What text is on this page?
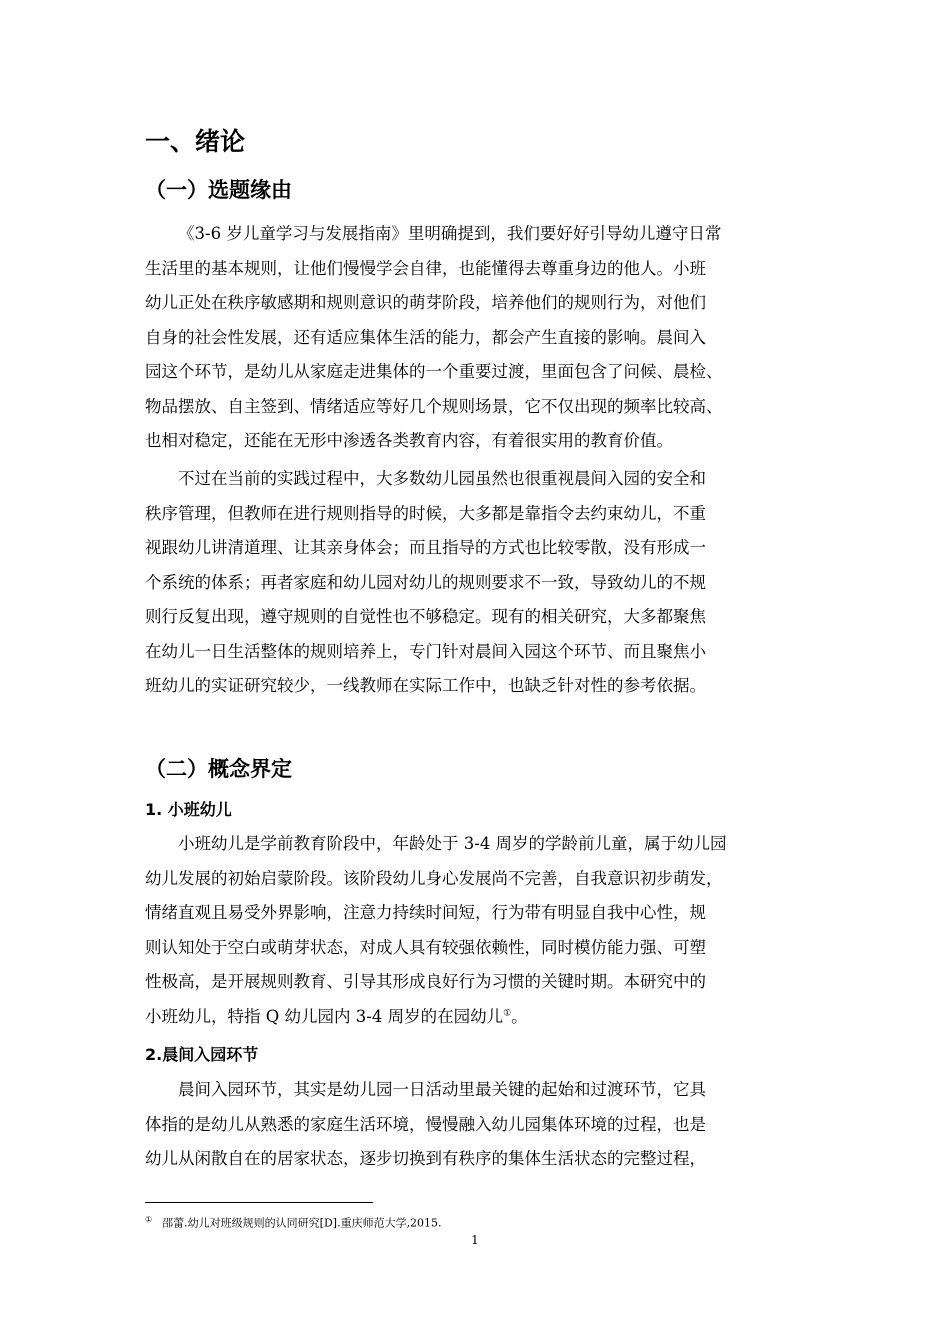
一、绪论
（一）选题缘由
《3-6 岁儿童学习与发展指南》里明确提到，我们要好好引导幼儿遵守日常
生活里的基本规则，让他们慢慢学会自律，也能懂得去尊重身边的他人。小班
幼儿正处在秩序敏感期和规则意识的萌芽阶段，培养他们的规则行为，对他们
自身的社会性发展，还有适应集体生活的能力，都会产生直接的影响。晨间入
园这个环节，是幼儿从家庭走进集体的一个重要过渡，里面包含了问候、晨检、
物品摆放、自主签到、情绪适应等好几个规则场景，它不仅出现的频率比较高、
也相对稳定，还能在无形中渗透各类教育内容，有着很实用的教育价值。
不过在当前的实践过程中，大多数幼儿园虽然也很重视晨间入园的安全和
秩序管理，但教师在进行规则指导的时候，大多都是靠指令去约束幼儿，不重
视跟幼儿讲清道理、让其亲身体会；而且指导的方式也比较零散，没有形成一
个系统的体系；再者家庭和幼儿园对幼儿的规则要求不一致，导致幼儿的不规
则行反复出现，遵守规则的自觉性也不够稳定。现有的相关研究，大多都聚焦
在幼儿一日生活整体的规则培养上，专门针对晨间入园这个环节、而且聚焦小
班幼儿的实证研究较少，一线教师在实际工作中，也缺乏针对性的参考依据。
（二）概念界定
1. 小班幼儿
小班幼儿是学前教育阶段中，年龄处于 3-4 周岁的学龄前儿童，属于幼儿园
幼儿发展的初始启蒙阶段。该阶段幼儿身心发展尚不完善，自我意识初步萌发，
情绪直观且易受外界影响，注意力持续时间短，行为带有明显自我中心性，规
则认知处于空白或萌芽状态，对成人具有较强依赖性，同时模仿能力强、可塑
性极高，是开展规则教育、引导其形成良好行为习惯的关键时期。本研究中的
小班幼儿，特指 Q 幼儿园内 3-4 周岁的在园幼儿①。
2.晨间入园环节
晨间入园环节，其实是幼儿园一日活动里最关键的起始和过渡环节，它具
体指的是幼儿从熟悉的家庭生活环境，慢慢融入幼儿园集体环境的过程，也是
幼儿从闲散自在的居家状态，逐步切换到有秩序的集体生活状态的完整过程，
① 邵蕾.幼儿对班级规则的认同研究[D].重庆师范大学,2015.
1
